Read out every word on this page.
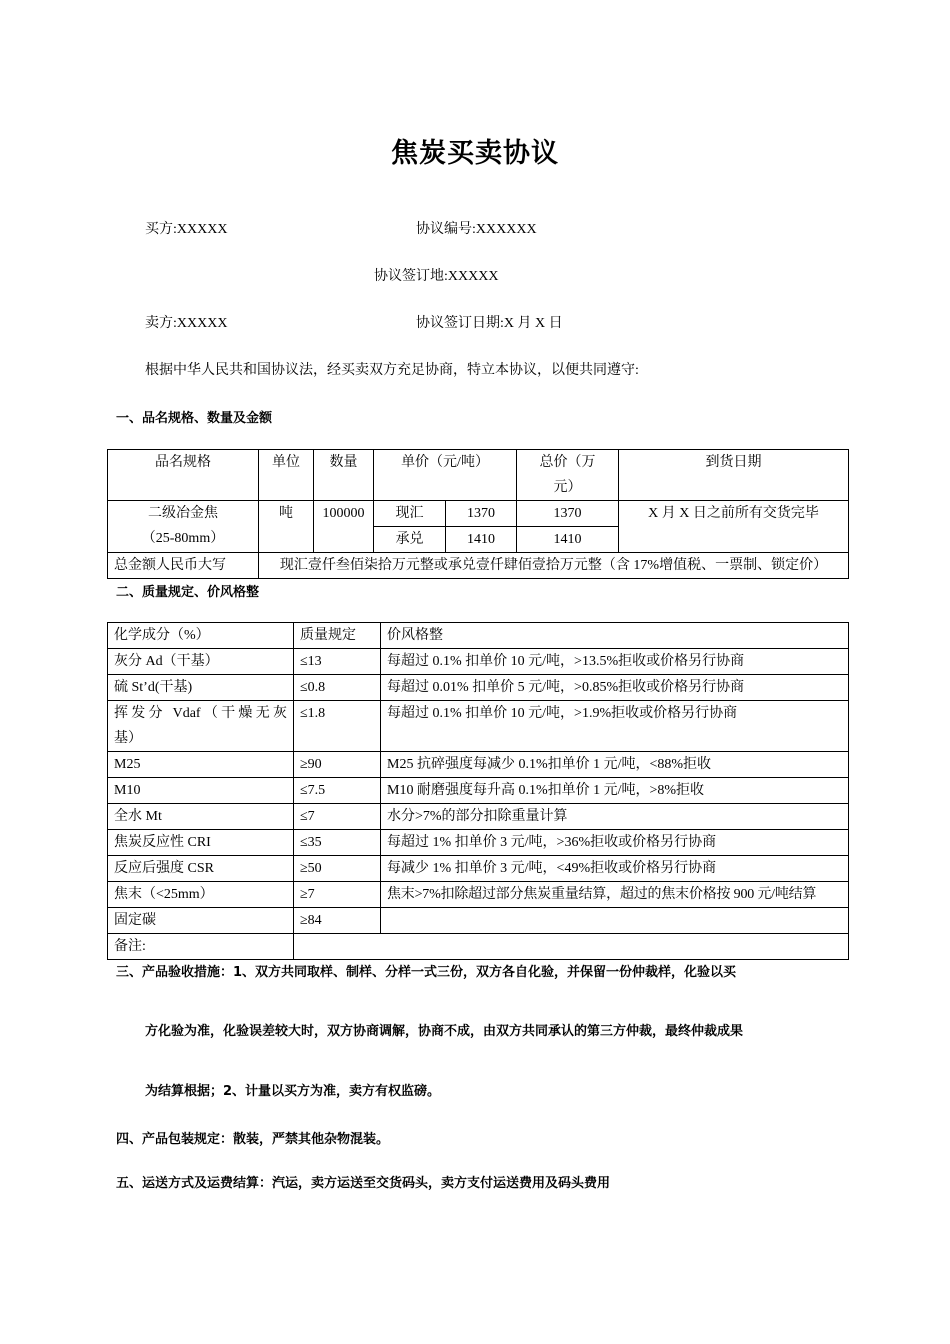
焦炭买卖协议
买方:XXXXX	协议编号:XXXXXX
协议签订地:XXXXX
卖方:XXXXX	协议签订日期:X 月 X 日
根据中华人民共和国协议法，经买卖双方充足协商，特立本协议，以便共同遵守:
一、品名规格、数量及金额
品名规格	单位	数量	单价（元/吨）		总价（万
元）	到货日期

二级冶金焦
（25-80mm）	吨	100000	现汇	1370	1370	X 月 X 日之前所有交货完毕
			承兑	1410	1410	
总金额人民币大写	现汇壹仟叁佰柒拾万元整或承兑壹仟肆佰壹拾万元整（含 17%增值税、一票制、锁定价）					
二、质量规定、价风格整
化学成分（%）	质量规定	价风格整
灰分 Ad（干基）	≤13	每超过 0.1% 扣单价 10 元/吨，>13.5%拒收或价格另行协商
硫 St’d(干基)	≤0.8	每超过 0.01% 扣单价 5 元/吨，>0.85%拒收或价格另行协商

挥发分 Vdaf（干燥无灰
基）	≤1.8	每超过 0.1% 扣单价 10 元/吨，>1.9%拒收或价格另行协商
M25	≥90	M25 抗碎强度每减少 0.1%扣单价 1 元/吨，<88%拒收
M10	≤7.5	M10 耐磨强度每升高 0.1%扣单价 1 元/吨，>8%拒收
全水 Mt	≤7	水分>7%的部分扣除重量计算
焦炭反应性 CRI	≤35	每超过 1% 扣单价 3 元/吨，>36%拒收或价格另行协商
反应后强度 CSR	≥50	每减少 1% 扣单价 3 元/吨，<49%拒收或价格另行协商
焦末（<25mm）	≥7	焦末>7%扣除超过部分焦炭重量结算，超过的焦末价格按 900 元/吨结算
固定碳	≥84	
备注:		
三、产品验收措施：1、双方共同取样、制样、分样一式三份，双方各自化验，并保留一份仲裁样，化验以买
方化验为准，化验误差较大时，双方协商调解，协商不成，由双方共同承认的第三方仲裁，最终仲裁成果
为结算根据；2、计量以买方为准，卖方有权监磅。
四、产品包装规定：散装，严禁其他杂物混装。
五、运送方式及运费结算：汽运，卖方运送至交货码头，卖方支付运送费用及码头费用
